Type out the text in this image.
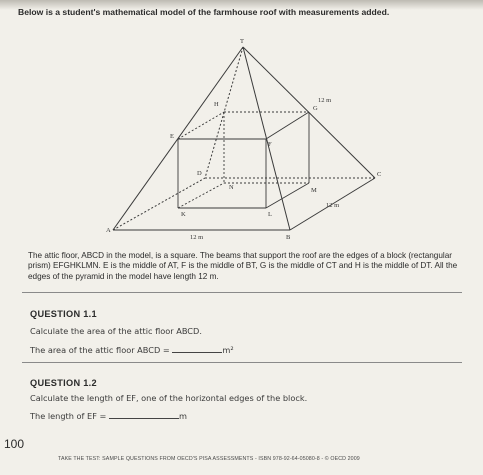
Below is a student's mathematical model of the farmhouse roof with measurements added.
T
H
G
E
F
D	C
N	M
K	L
A
B
12 m
12 m
12 m
The attic floor, ABCD in the model, is a square. The beams that support the roof are the edges of a block (rectangular prism) EFGHKLMN. E is the middle of AT, F is the middle of BT, G is the middle of CT and H is the middle of DT. All the edges of the pyramid in the model have length 12 m.
QUESTION 1.1
Calculate the area of the attic floor ABCD.
The area of the attic floor ABCD =	m²
QUESTION 1.2
Calculate the length of EF, one of the horizontal edges of the block.
The length of EF =	m
100
TAKE THE TEST: SAMPLE QUESTIONS FROM OECD'S PISA ASSESSMENTS - ISBN 978-92-64-05080-8 - © OECD 2009
